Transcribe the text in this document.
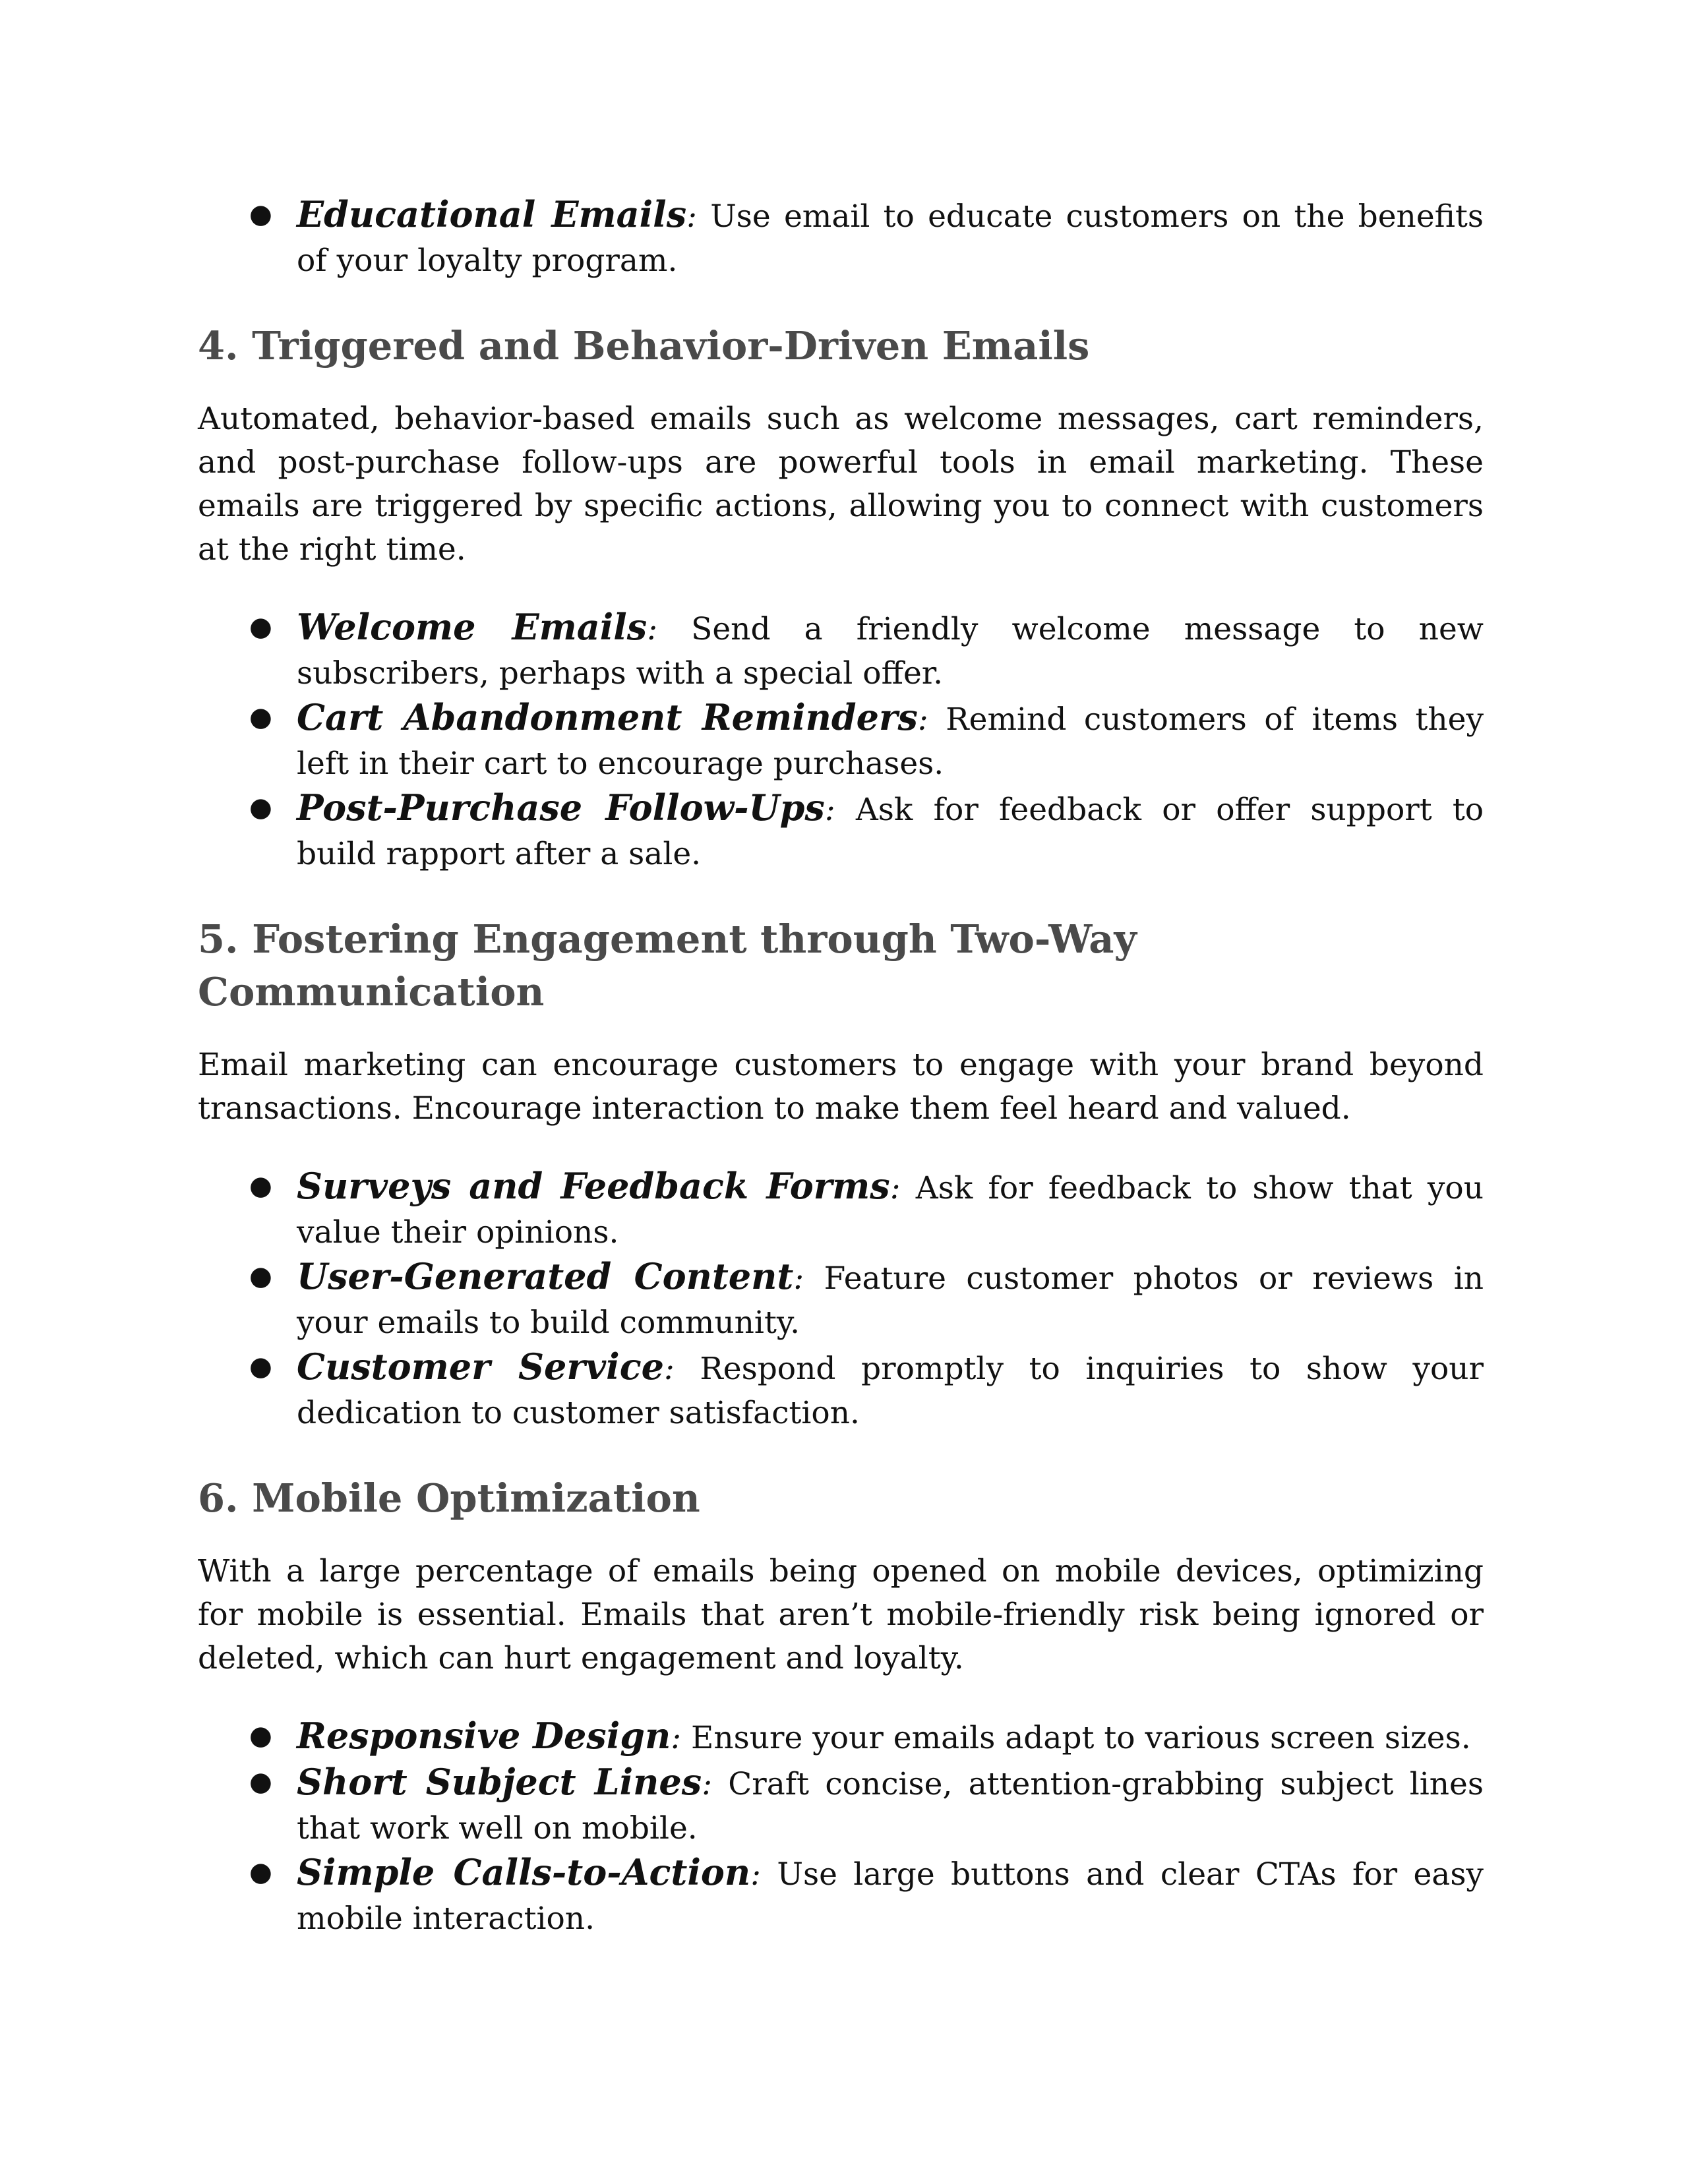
● Educational Emails: Use email to educate customers on the benefits of your loyalty program.
4. Triggered and Behavior-Driven Emails

Automated, behavior-based emails such as welcome messages, cart reminders, and post-purchase follow-ups are powerful tools in email marketing. These emails are triggered by specific actions, allowing you to connect with customers at the right time.

● Welcome Emails: Send a friendly welcome message to new subscribers, perhaps with a special offer.
● Cart Abandonment Reminders: Remind customers of items they left in their cart to encourage purchases.
● Post-Purchase Follow-Ups: Ask for feedback or offer support to build rapport after a sale.
5. Fostering Engagement through Two-Way Communication

Email marketing can encourage customers to engage with your brand beyond transactions. Encourage interaction to make them feel heard and valued.

● Surveys and Feedback Forms: Ask for feedback to show that you value their opinions.
● User-Generated Content: Feature customer photos or reviews in your emails to build community.
● Customer Service: Respond promptly to inquiries to show your dedication to customer satisfaction.
6. Mobile Optimization

With a large percentage of emails being opened on mobile devices, optimizing for mobile is essential. Emails that aren’t mobile-friendly risk being ignored or deleted, which can hurt engagement and loyalty.

● Responsive Design: Ensure your emails adapt to various screen sizes.
● Short Subject Lines: Craft concise, attention-grabbing subject lines that work well on mobile.
● Simple Calls-to-Action: Use large buttons and clear CTAs for easy mobile interaction.
